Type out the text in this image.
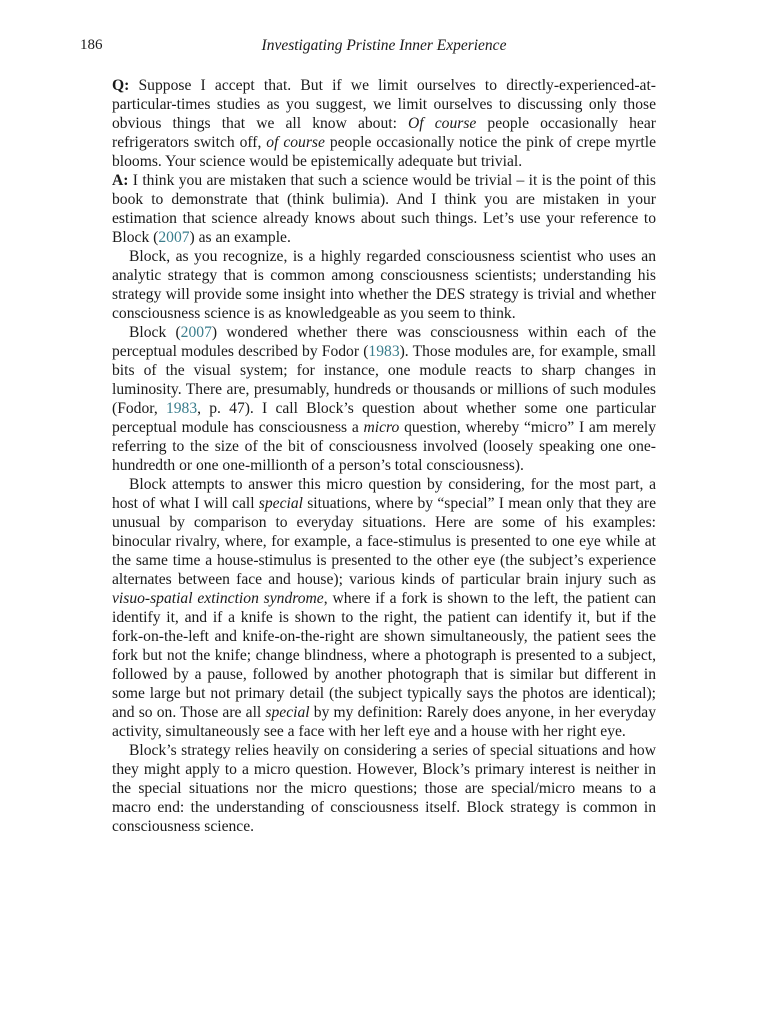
186	Investigating Pristine Inner Experience

Q: Suppose I accept that. But if we limit ourselves to directly-experienced-at-particular-times studies as you suggest, we limit ourselves to discussing only those obvious things that we all know about: Of course people occasionally hear refrigerators switch off, of course people occasionally notice the pink of crepe myrtle blooms. Your science would be epistemically adequate but trivial.

A: I think you are mistaken that such a science would be trivial – it is the point of this book to demonstrate that (think bulimia). And I think you are mistaken in your estimation that science already knows about such things. Let’s use your reference to Block (2007) as an example.

Block, as you recognize, is a highly regarded consciousness scientist who uses an analytic strategy that is common among consciousness scientists; understanding his strategy will provide some insight into whether the DES strategy is trivial and whether consciousness science is as knowledgeable as you seem to think.

Block (2007) wondered whether there was consciousness within each of the perceptual modules described by Fodor (1983). Those modules are, for example, small bits of the visual system; for instance, one module reacts to sharp changes in luminosity. There are, presumably, hundreds or thousands or millions of such modules (Fodor, 1983, p. 47). I call Block’s question about whether some one particular perceptual module has consciousness a micro question, whereby “micro” I am merely referring to the size of the bit of consciousness involved (loosely speaking one one-hundredth or one one-millionth of a person’s total consciousness).

Block attempts to answer this micro question by considering, for the most part, a host of what I will call special situations, where by “special” I mean only that they are unusual by comparison to everyday situations. Here are some of his examples: binocular rivalry, where, for example, a face-stimulus is presented to one eye while at the same time a house-stimulus is presented to the other eye (the subject’s experience alternates between face and house); various kinds of particular brain injury such as visuo-spatial extinction syndrome, where if a fork is shown to the left, the patient can identify it, and if a knife is shown to the right, the patient can identify it, but if the fork-on-the-left and knife-on-the-right are shown simultaneously, the patient sees the fork but not the knife; change blindness, where a photograph is presented to a subject, followed by a pause, followed by another photograph that is similar but different in some large but not primary detail (the subject typically says the photos are identical); and so on. Those are all special by my definition: Rarely does anyone, in her everyday activity, simultaneously see a face with her left eye and a house with her right eye.

Block’s strategy relies heavily on considering a series of special situations and how they might apply to a micro question. However, Block’s primary interest is neither in the special situations nor the micro questions; those are special/micro means to a macro end: the understanding of consciousness itself. Block strategy is common in consciousness science.
